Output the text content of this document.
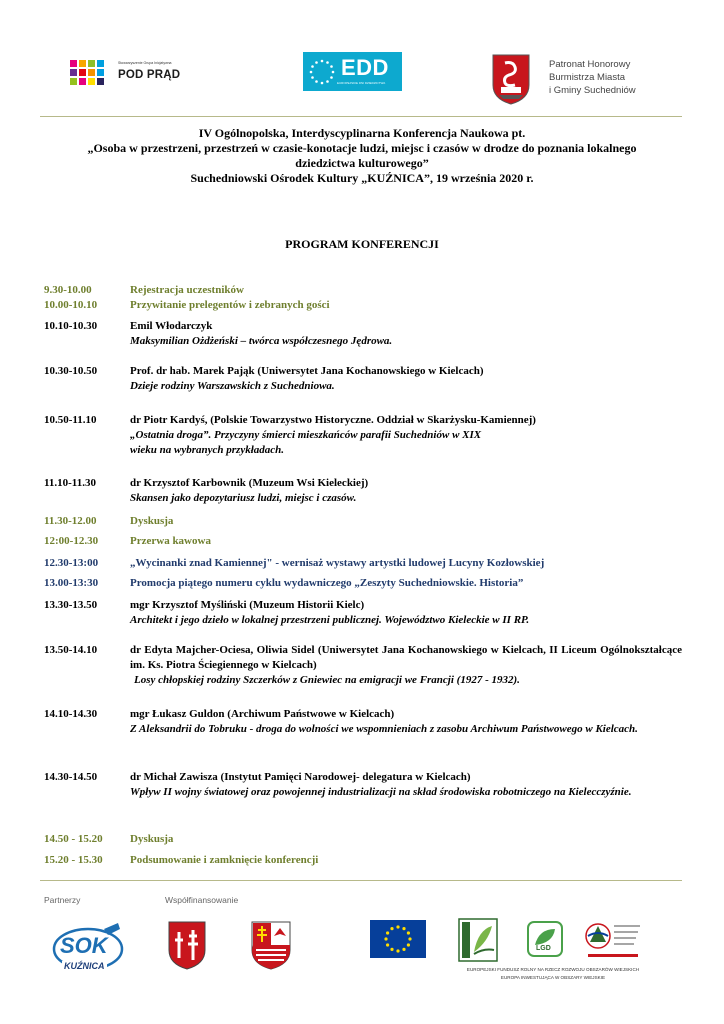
Stowarzyszenie Grupa Inicjatywna
POD PRĄD	EDD
EUROPEJSKIE DNI DZIEDZICTWA
Patronat Honorowy
Burmistrza Miasta
i Gminy Suchedniów
IV Ogólnopolska, Interdyscyplinarna Konferencja Naukowa pt.
„Osoba w przestrzeni, przestrzeń w czasie-konotacje ludzi, miejsc i czasów w drodze do poznania lokalnego
dziedzictwa kulturowego”
Suchedniowski Ośrodek Kultury „KUŹNICA”, 19 września 2020 r.
PROGRAM KONFERENCJI
9.30-10.00	Rejestracja uczestników
10.00-10.10	Przywitanie prelegentów i zebranych gości
10.10-10.30	Emil Włodarczyk
Maksymilian Ożdżeński – twórca współczesnego Jędrowa.
10.30-10.50	Prof. dr hab. Marek Pająk (Uniwersytet Jana Kochanowskiego w Kielcach)
Dzieje rodziny Warszawskich z Suchedniowa.
10.50-11.10	dr Piotr Kardyś, (Polskie Towarzystwo Historyczne. Oddział w Skarżysku-Kamiennej)
„Ostatnia droga”. Przyczyny śmierci mieszkańców parafii Suchedniów w XIX
wieku na wybranych przykładach.
11.10-11.30	dr Krzysztof Karbownik (Muzeum Wsi Kieleckiej)
Skansen jako depozytariusz ludzi, miejsc i czasów.
11.30-12.00	Dyskusja
12:00-12.30	Przerwa kawowa
12.30-13:00	„Wycinanki znad Kamiennej" - wernisaż wystawy artystki ludowej Lucyny Kozłowskiej
13.00-13:30	Promocja piątego numeru cyklu wydawniczego „Zeszyty Suchedniowskie. Historia”
13.30-13.50	mgr Krzysztof Myśliński (Muzeum Historii Kielc)
Architekt i jego dzieło w lokalnej przestrzeni publicznej. Województwo Kieleckie w II RP.
13.50-14.10	dr Edyta Majcher-Ociesa, Oliwia Sidel (Uniwersytet Jana Kochanowskiego w Kielcach, II Liceum Ogólnokształcące im. Ks. Piotra Ściegiennego w Kielcach)
Losy chłopskiej rodziny Szczerków z Gniewiec na emigracji we Francji (1927 - 1932).
14.10-14.30	mgr Łukasz Guldon (Archiwum Państwowe w Kielcach)
Z Aleksandrii do Tobruku - droga do wolności we wspomnieniach z zasobu Archiwum Państwowego w Kielcach.
14.30-14.50	dr Michał Zawisza (Instytut Pamięci Narodowej- delegatura w Kielcach)
Wpływ II wojny światowej oraz powojennej industrializacji na skład środowiska robotniczego na Kielecczyźnie.
14.50 - 15.20 Dyskusja
15.20 - 15.30 Podsumowanie i zamknięcie konferencji
Partnerzy	Współfinansowanie
SOK
KUŹNICA
LGD
EUROPEJSKI FUNDUSZ ROLNY NA RZECZ ROZWOJU OBSZARÓW WIEJSKICH
EUROPA INWESTUJĄCA W OBSZARY WIEJSKIE
